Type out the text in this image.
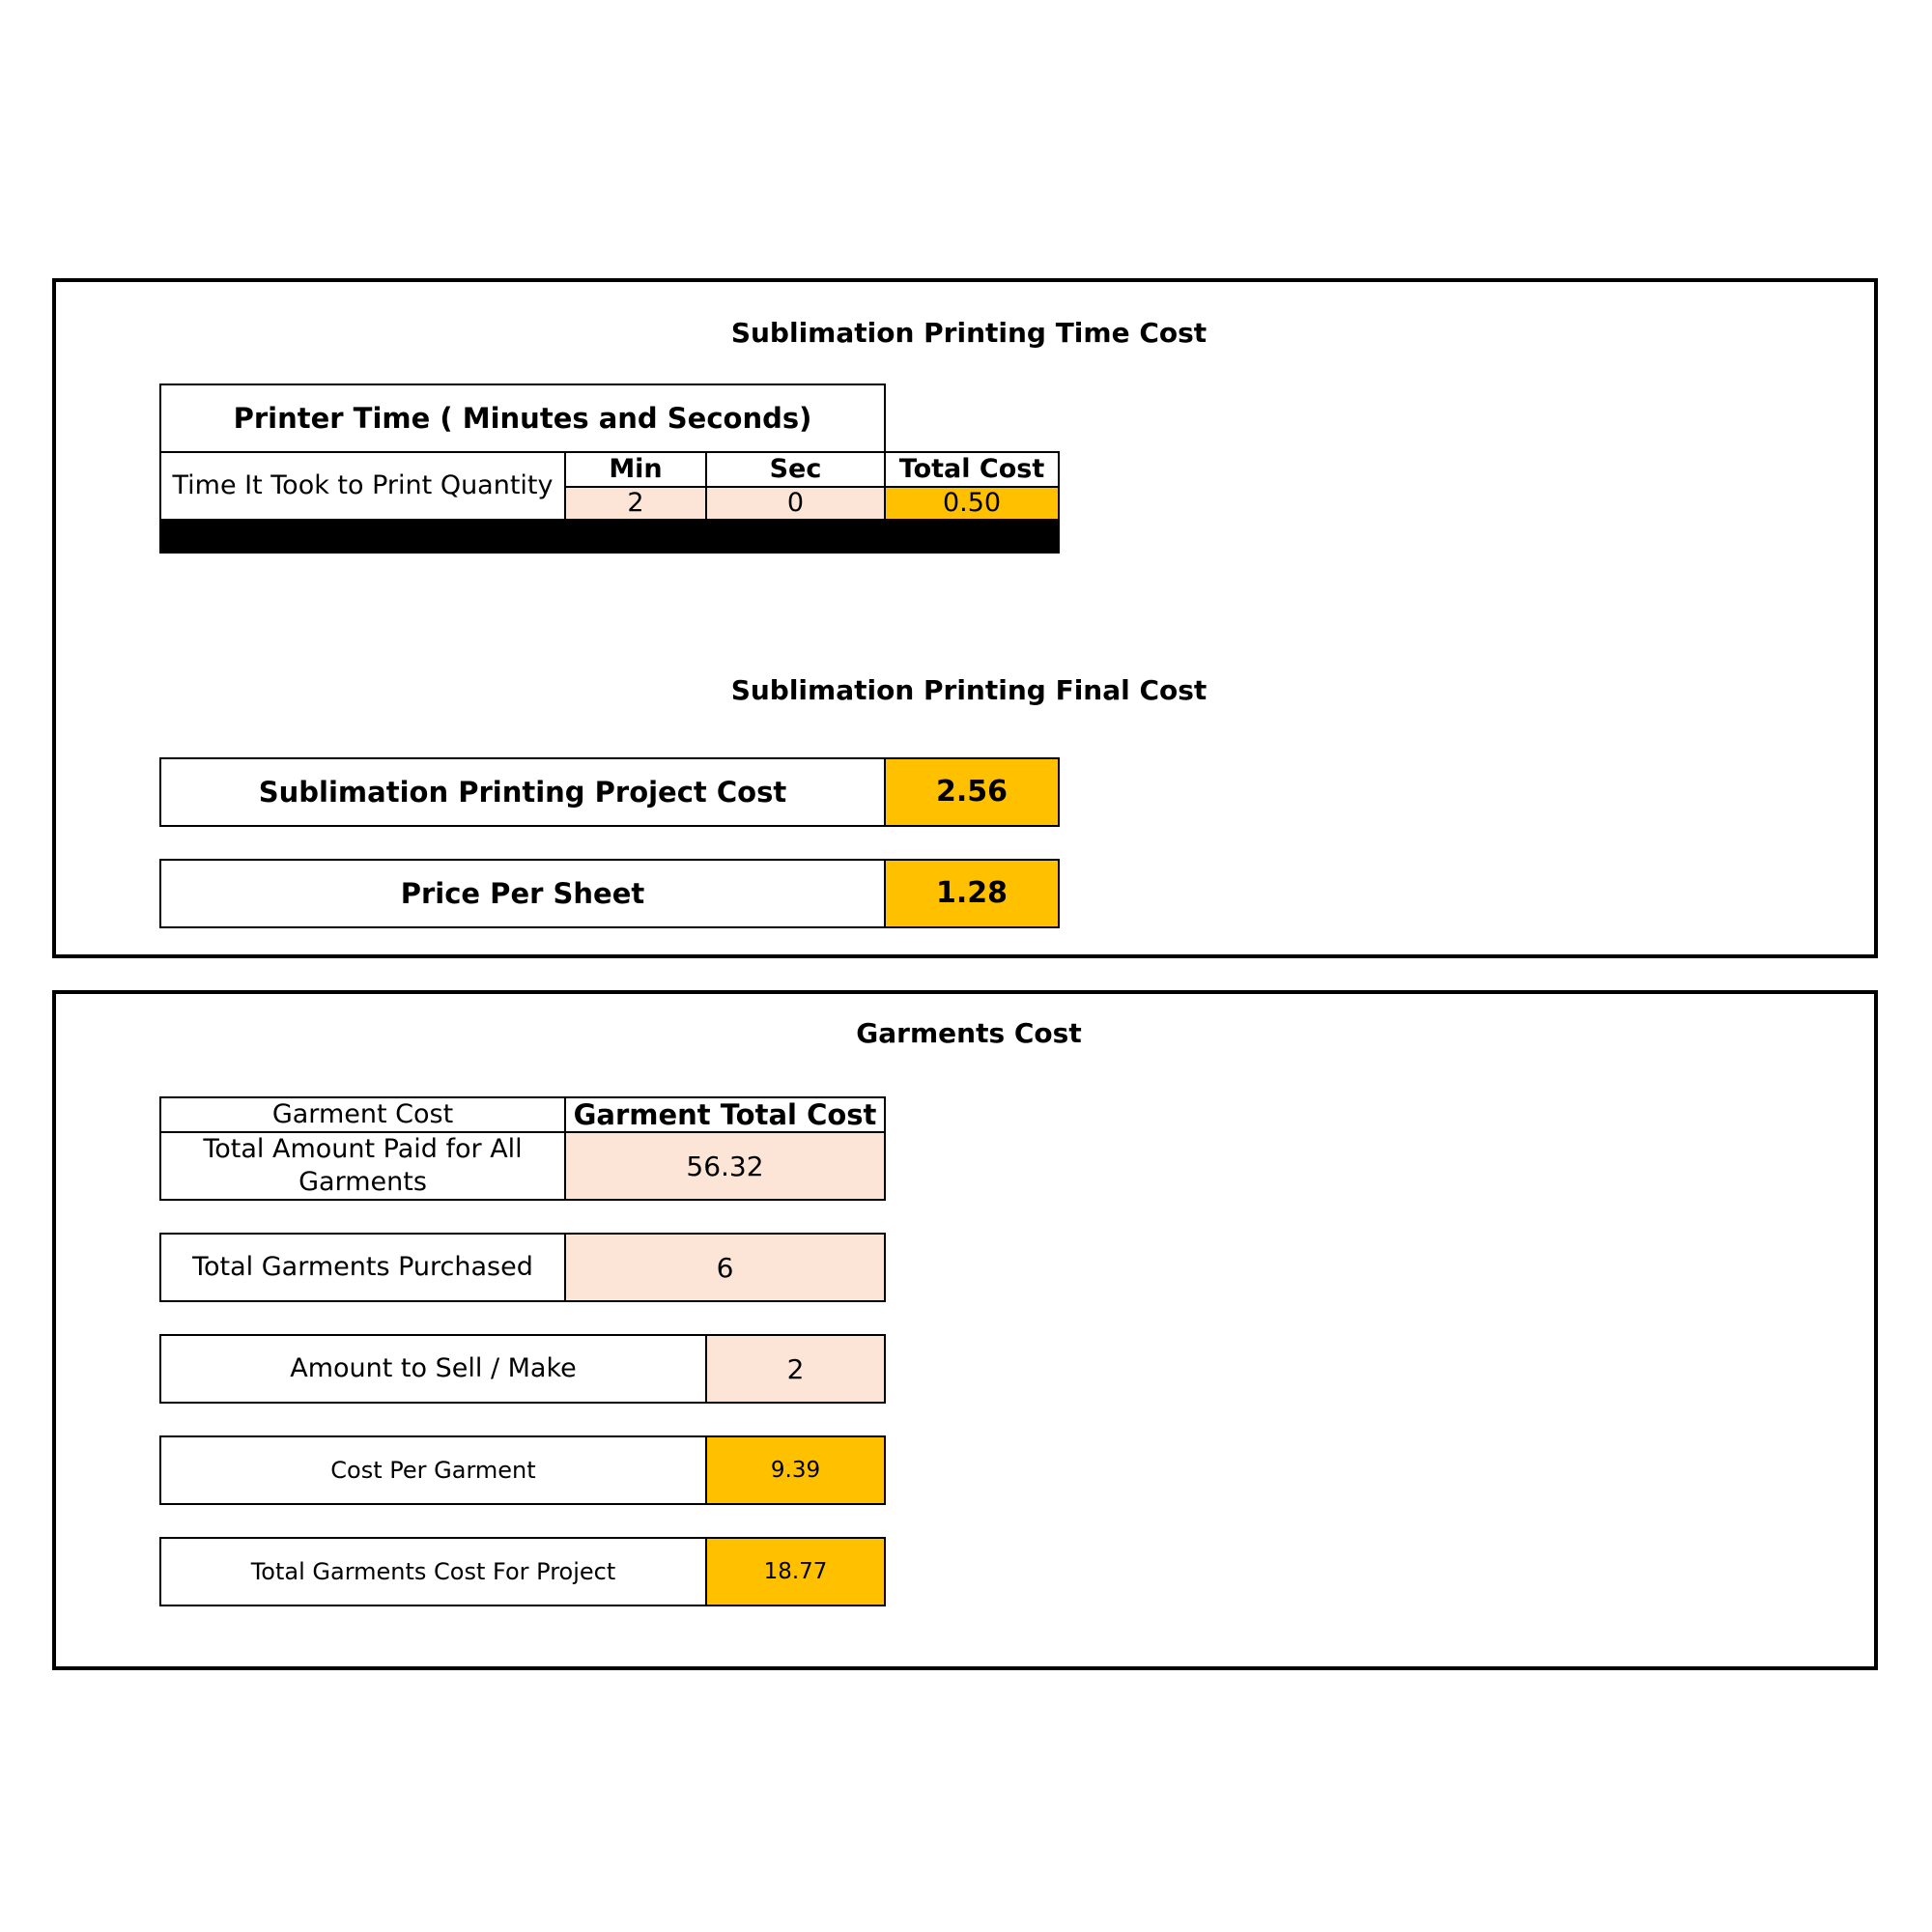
Sublimation Printing Time Cost
Printer Time ( Minutes and Seconds)
Time It Took to Print Quantity
Min	Sec	Total Cost
2	0	0.50
Sublimation Printing Final Cost
Sublimation Printing Project Cost	2.56
Price Per Sheet	1.28
Garments Cost
Garment Cost	Garment Total Cost
Total Amount Paid for All Garments	56.32
Total Garments Purchased	6
Amount to Sell / Make	2
Cost Per Garment	9.39
Total Garments Cost For Project	18.77
